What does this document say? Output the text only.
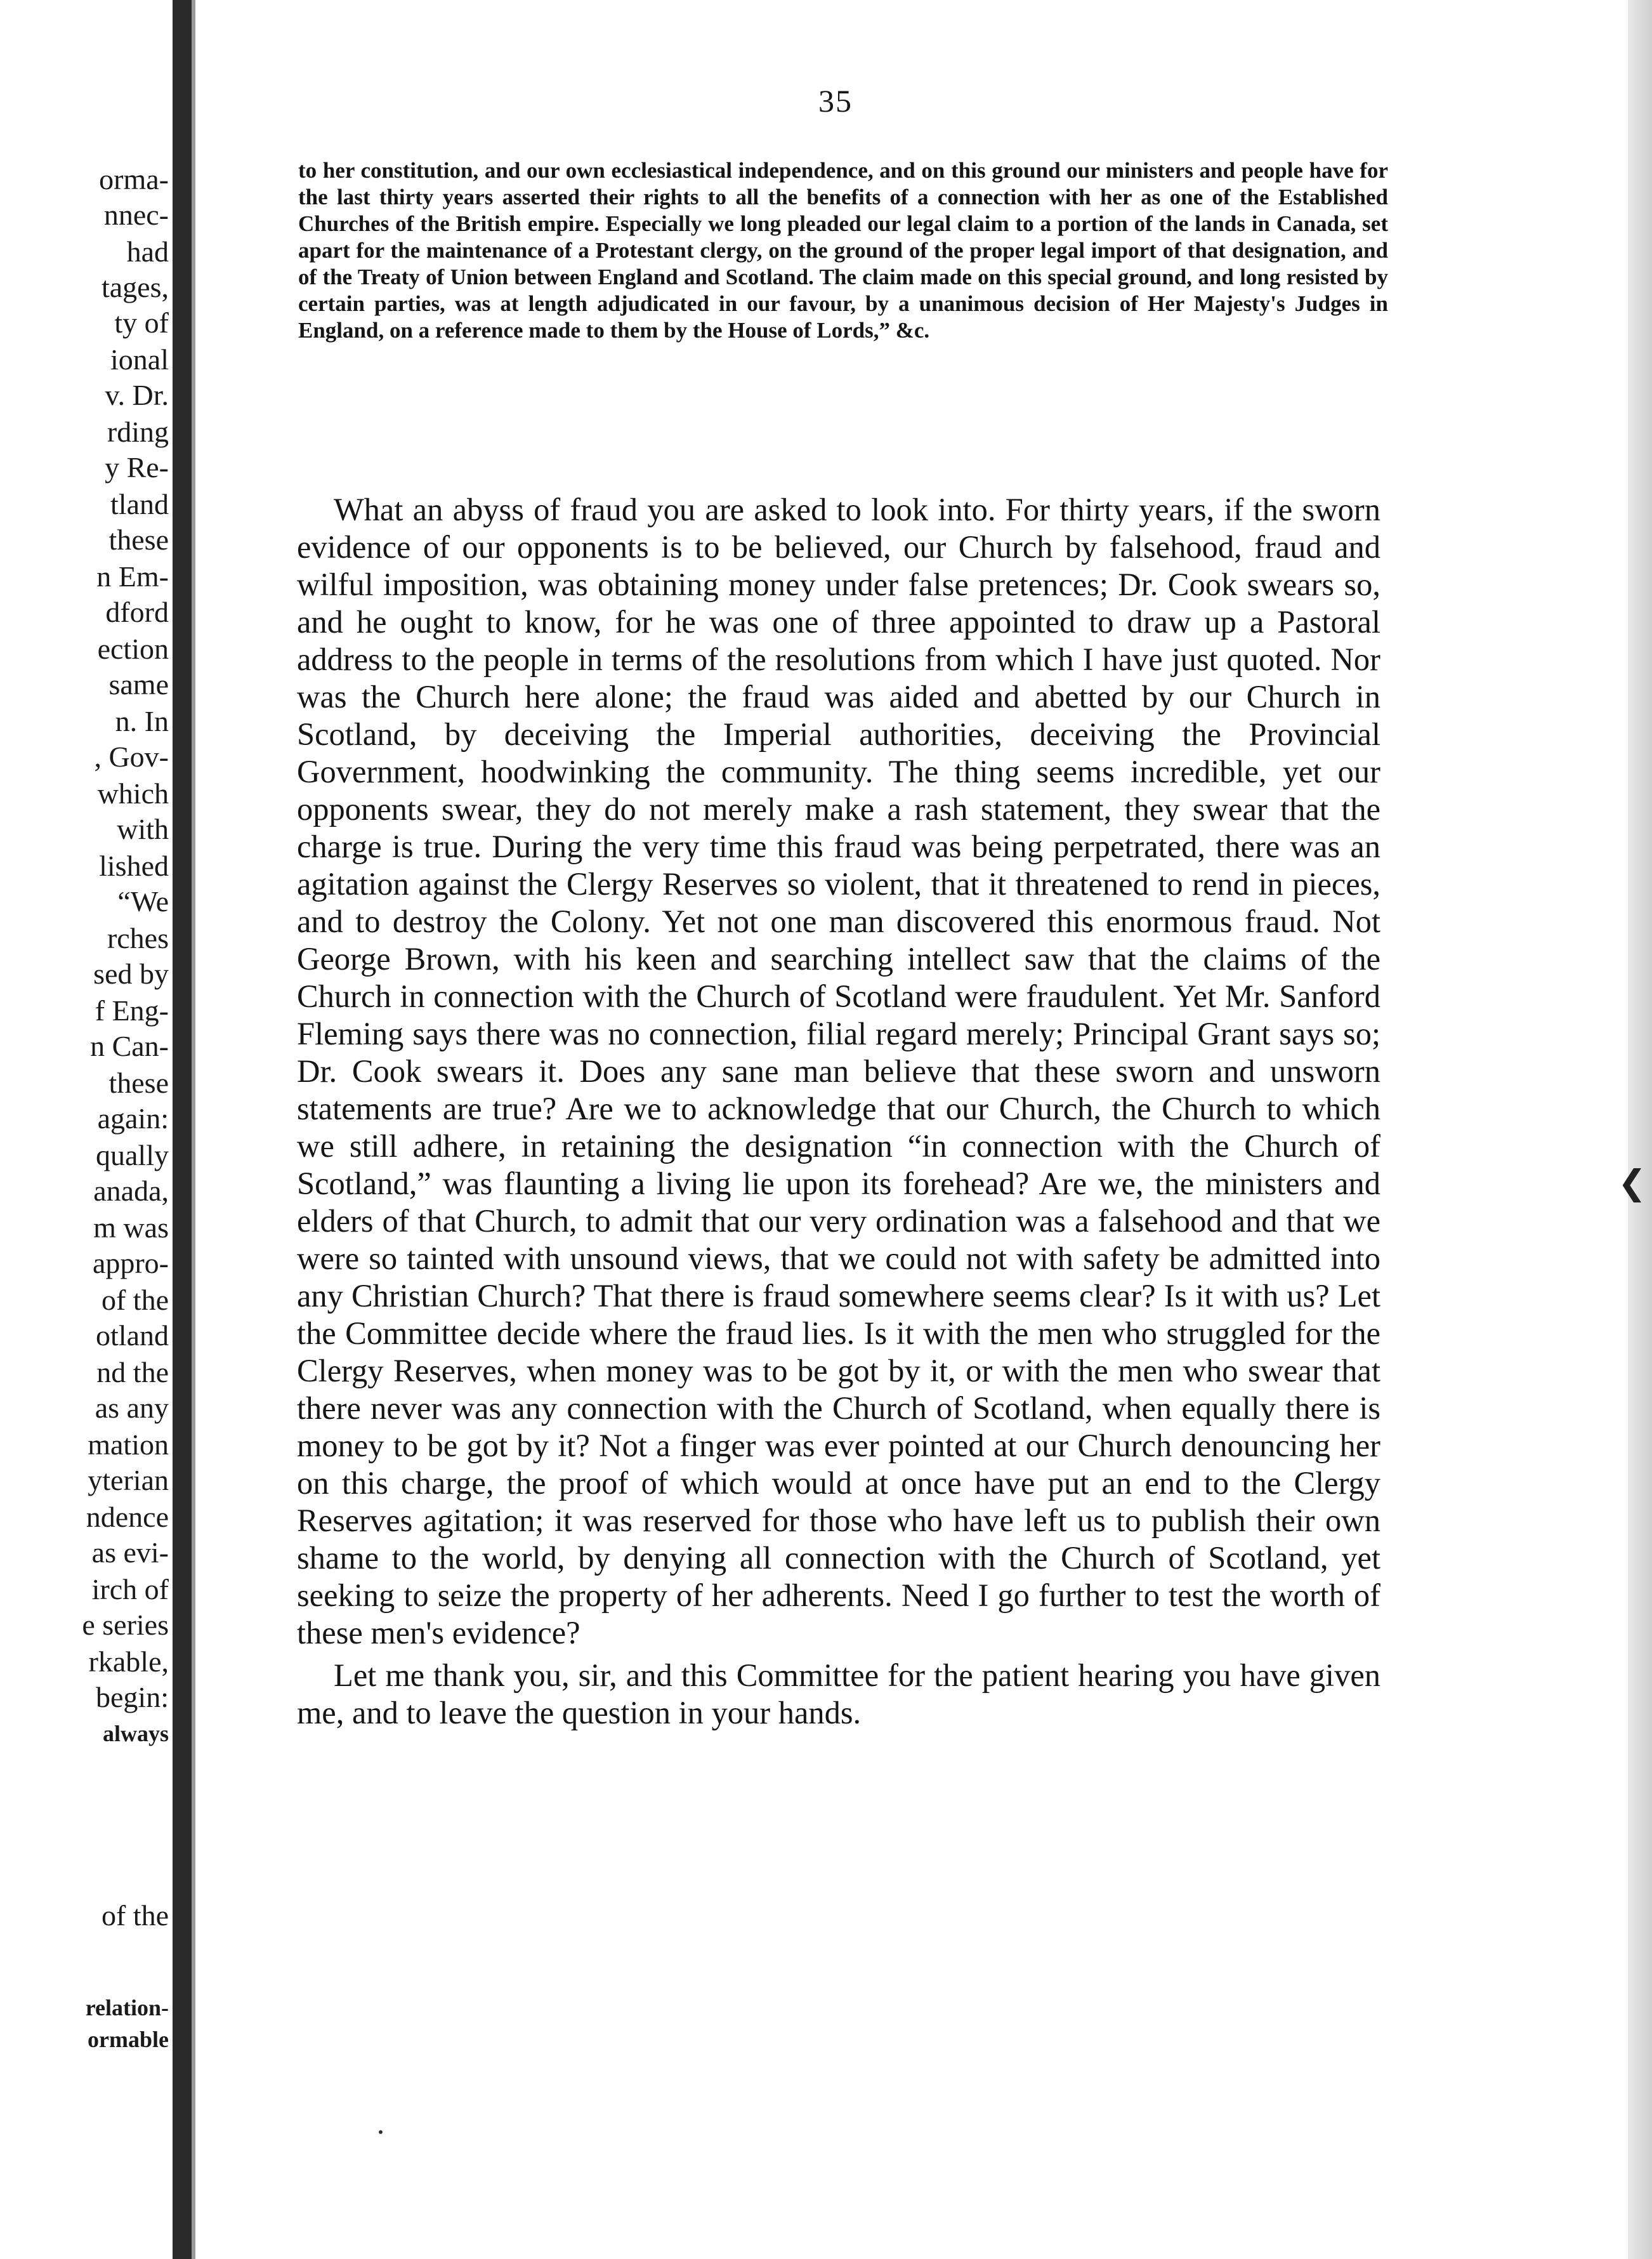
orma-
nnec-
had
tages,
ty of
ional
v. Dr.
rding
y Re-
tland
these
n Em-
dford
ection
same
n. In
, Gov-
which
with
lished
“We
rches
sed by
f Eng-
n Can-
these
again:
qually
anada,
m was
appro-
of the
otland
nd the
as any
mation
yterian
ndence
as evi-
irch of
e series
rkable,
begin:
always
of the
relation-
ormable
35

to her constitution, and our own ecclesiastical independence, and on this ground our ministers and people have for the last thirty years asserted their rights to all the benefits of a connection with her as one of the Established Churches of the British empire. Especially we long pleaded our legal claim to a portion of the lands in Canada, set apart for the maintenance of a Protestant clergy, on the ground of the proper legal import of that designation, and of the Treaty of Union between England and Scotland. The claim made on this special ground, and long resisted by certain parties, was at length adjudicated in our favour, by a unanimous decision of Her Majesty's Judges in England, on a reference made to them by the House of Lords,” &c.

What an abyss of fraud you are asked to look into. For thirty years, if the sworn evidence of our opponents is to be believed, our Church by falsehood, fraud and wilful imposition, was obtaining money under false pretences; Dr. Cook swears so, and he ought to know, for he was one of three appointed to draw up a Pastoral address to the people in terms of the resolutions from which I have just quoted. Nor was the Church here alone; the fraud was aided and abetted by our Church in Scotland, by deceiving the Imperial authorities, deceiving the Provincial Government, hoodwinking the community. The thing seems incredible, yet our opponents swear, they do not merely make a rash statement, they swear that the charge is true. During the very time this fraud was being perpetrated, there was an agitation against the Clergy Reserves so violent, that it threatened to rend in pieces, and to destroy the Colony. Yet not one man discovered this enormous fraud. Not George Brown, with his keen and searching intellect saw that the claims of the Church in connection with the Church of Scotland were fraudulent. Yet Mr. Sanford Fleming says there was no connection, filial regard merely; Principal Grant says so; Dr. Cook swears it. Does any sane man believe that these sworn and unsworn statements are true? Are we to acknowledge that our Church, the Church to which we still adhere, in retaining the designation “in connection with the Church of Scotland,” was flaunting a living lie upon its forehead? Are we, the ministers and elders of that Church, to admit that our very ordination was a falsehood and that we were so tainted with unsound views, that we could not with safety be admitted into any Christian Church? That there is fraud somewhere seems clear? Is it with us? Let the Committee decide where the fraud lies. Is it with the men who struggled for the Clergy Reserves, when money was to be got by it, or with the men who swear that there never was any connection with the Church of Scotland, when equally there is money to be got by it? Not a finger was ever pointed at our Church denouncing her on this charge, the proof of which would at once have put an end to the Clergy Reserves agitation; it was reserved for those who have left us to publish their own shame to the world, by denying all connection with the Church of Scotland, yet seeking to seize the property of her adherents. Need I go further to test the worth of these men's evidence?

Let me thank you, sir, and this Committee for the patient hearing you have given me, and to leave the question in your hands.

❮
